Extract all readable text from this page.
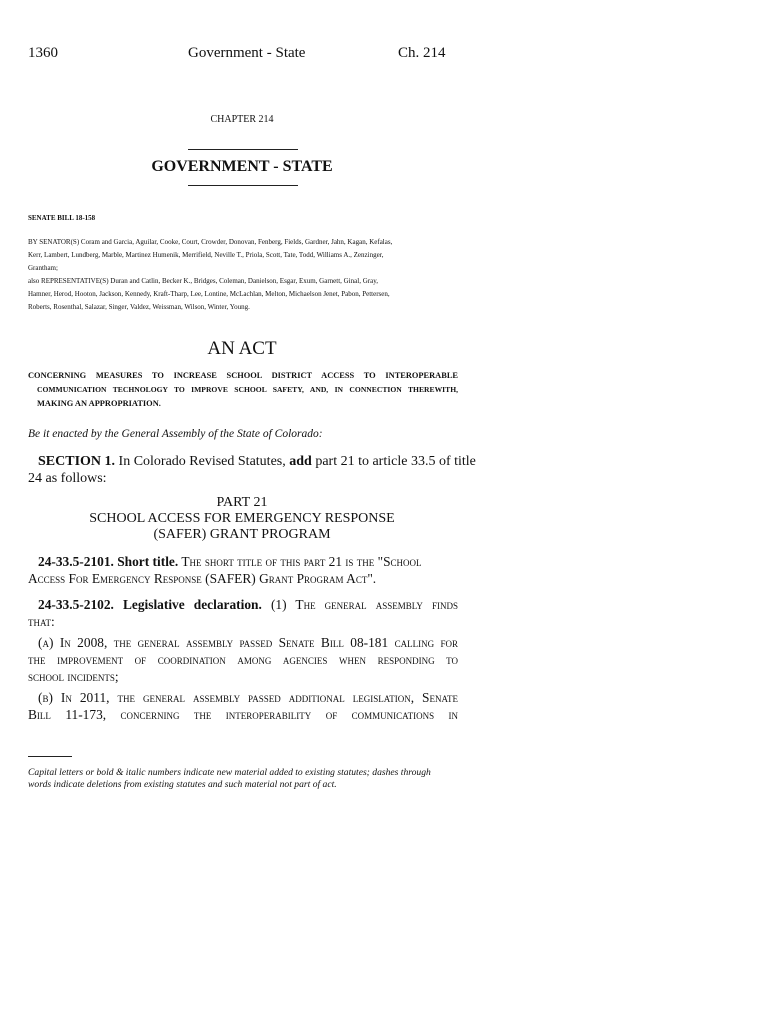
1360	Government - State	Ch. 214
CHAPTER 214
GOVERNMENT - STATE
SENATE BILL 18-158
BY SENATOR(S) Coram and Garcia, Aguilar, Cooke, Court, Crowder, Donovan, Fenberg, Fields, Gardner, Jahn, Kagan, Kefalas,
Kerr, Lambert, Lundberg, Marble, Martinez Humenik, Merrifield, Neville T., Priola, Scott, Tate, Todd, Williams A., Zenzinger,
Grantham;
also REPRESENTATIVE(S) Duran and Catlin, Becker K., Bridges, Coleman, Danielson, Esgar, Exum, Garnett, Ginal, Gray,
Hamner, Herod, Hooton, Jackson, Kennedy, Kraft-Tharp, Lee, Lontine, McLachlan, Melton, Michaelson Jenet, Pabon, Pettersen,
Roberts, Rosenthal, Salazar, Singer, Valdez, Weissman, Wilson, Winter, Young.
AN ACT
CONCERNING MEASURES TO INCREASE SCHOOL DISTRICT ACCESS TO INTEROPERABLE
COMMUNICATION TECHNOLOGY TO IMPROVE SCHOOL SAFETY, AND, IN CONNECTION THEREWITH,
MAKING AN APPROPRIATION.
Be it enacted by the General Assembly of the State of Colorado:
SECTION 1. In Colorado Revised Statutes, add part 21 to article 33.5 of title
24 as follows:
PART 21
SCHOOL ACCESS FOR EMERGENCY RESPONSE
(SAFER) GRANT PROGRAM
24-33.5-2101. Short title. The short title of this part 21 is the "School
Access For Emergency Response (SAFER) Grant Program Act".
24-33.5-2102. Legislative declaration. (1) The general assembly finds
that:
(a) In 2008, the general assembly passed Senate Bill 08-181 calling for
the improvement of coordination among agencies when responding to
school incidents;
(b) In 2011, the general assembly passed additional legislation, Senate
Bill 11-173, concerning the interoperability of communications in
Capital letters or bold & italic numbers indicate new material added to existing statutes; dashes through
words indicate deletions from existing statutes and such material not part of act.
